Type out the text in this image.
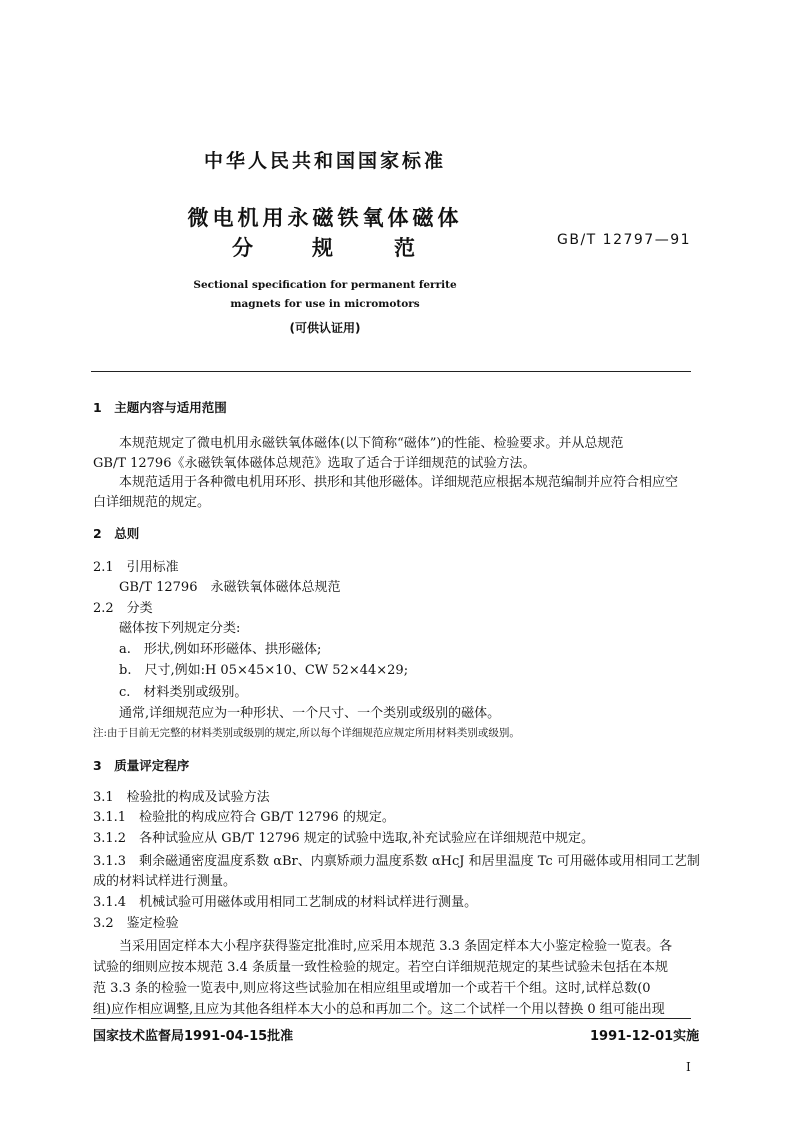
中华人民共和国国家标准
微电机用永磁铁氧体磁体
分	规	范	GB/T 12797—91
Sectional specification for permanent ferrite
magnets for use in micromotors
(可供认证用)
1　主题内容与适用范围
本规范规定了微电机用永磁铁氧体磁体(以下简称“磁体”)的性能、检验要求。并从总规范
GB/T 12796《永磁铁氧体磁体总规范》选取了适合于详细规范的试验方法。
本规范适用于各种微电机用环形、拱形和其他形磁体。详细规范应根据本规范编制并应符合相应空
白详细规范的规定。
2　总则
2.1　引用标准
GB/T 12796　永磁铁氧体磁体总规范
2.2　分类
磁体按下列规定分类:
a.　形状,例如环形磁体、拱形磁体;
b.　尺寸,例如:H 05×45×10、CW 52×44×29;
c.　材料类别或级别。
通常,详细规范应为一种形状、一个尺寸、一个类别或级别的磁体。
注:由于目前无完整的材料类别或级别的规定,所以每个详细规范应规定所用材料类别或级别。
3　质量评定程序
3.1　检验批的构成及试验方法
3.1.1　检验批的构成应符合 GB/T 12796 的规定。
3.1.2　各种试验应从 GB/T 12796 规定的试验中选取,补充试验应在详细规范中规定。
3.1.3　剩余磁通密度温度系数 αBr、内禀矫顽力温度系数 αHcJ 和居里温度 Tc 可用磁体或用相同工艺制
成的材料试样进行测量。
3.1.4　机械试验可用磁体或用相同工艺制成的材料试样进行测量。
3.2　鉴定检验
当采用固定样本大小程序获得鉴定批准时,应采用本规范 3.3 条固定样本大小鉴定检验一览表。各
试验的细则应按本规范 3.4 条质量一致性检验的规定。若空白详细规范规定的某些试验未包括在本规
范 3.3 条的检验一览表中,则应将这些试验加在相应组里或增加一个或若干个组。这时,试样总数(0
组)应作相应调整,且应为其他各组样本大小的总和再加二个。这二个试样一个用以替换 0 组可能出现
国家技术监督局1991-04-15批准	1991-12-01实施
I
